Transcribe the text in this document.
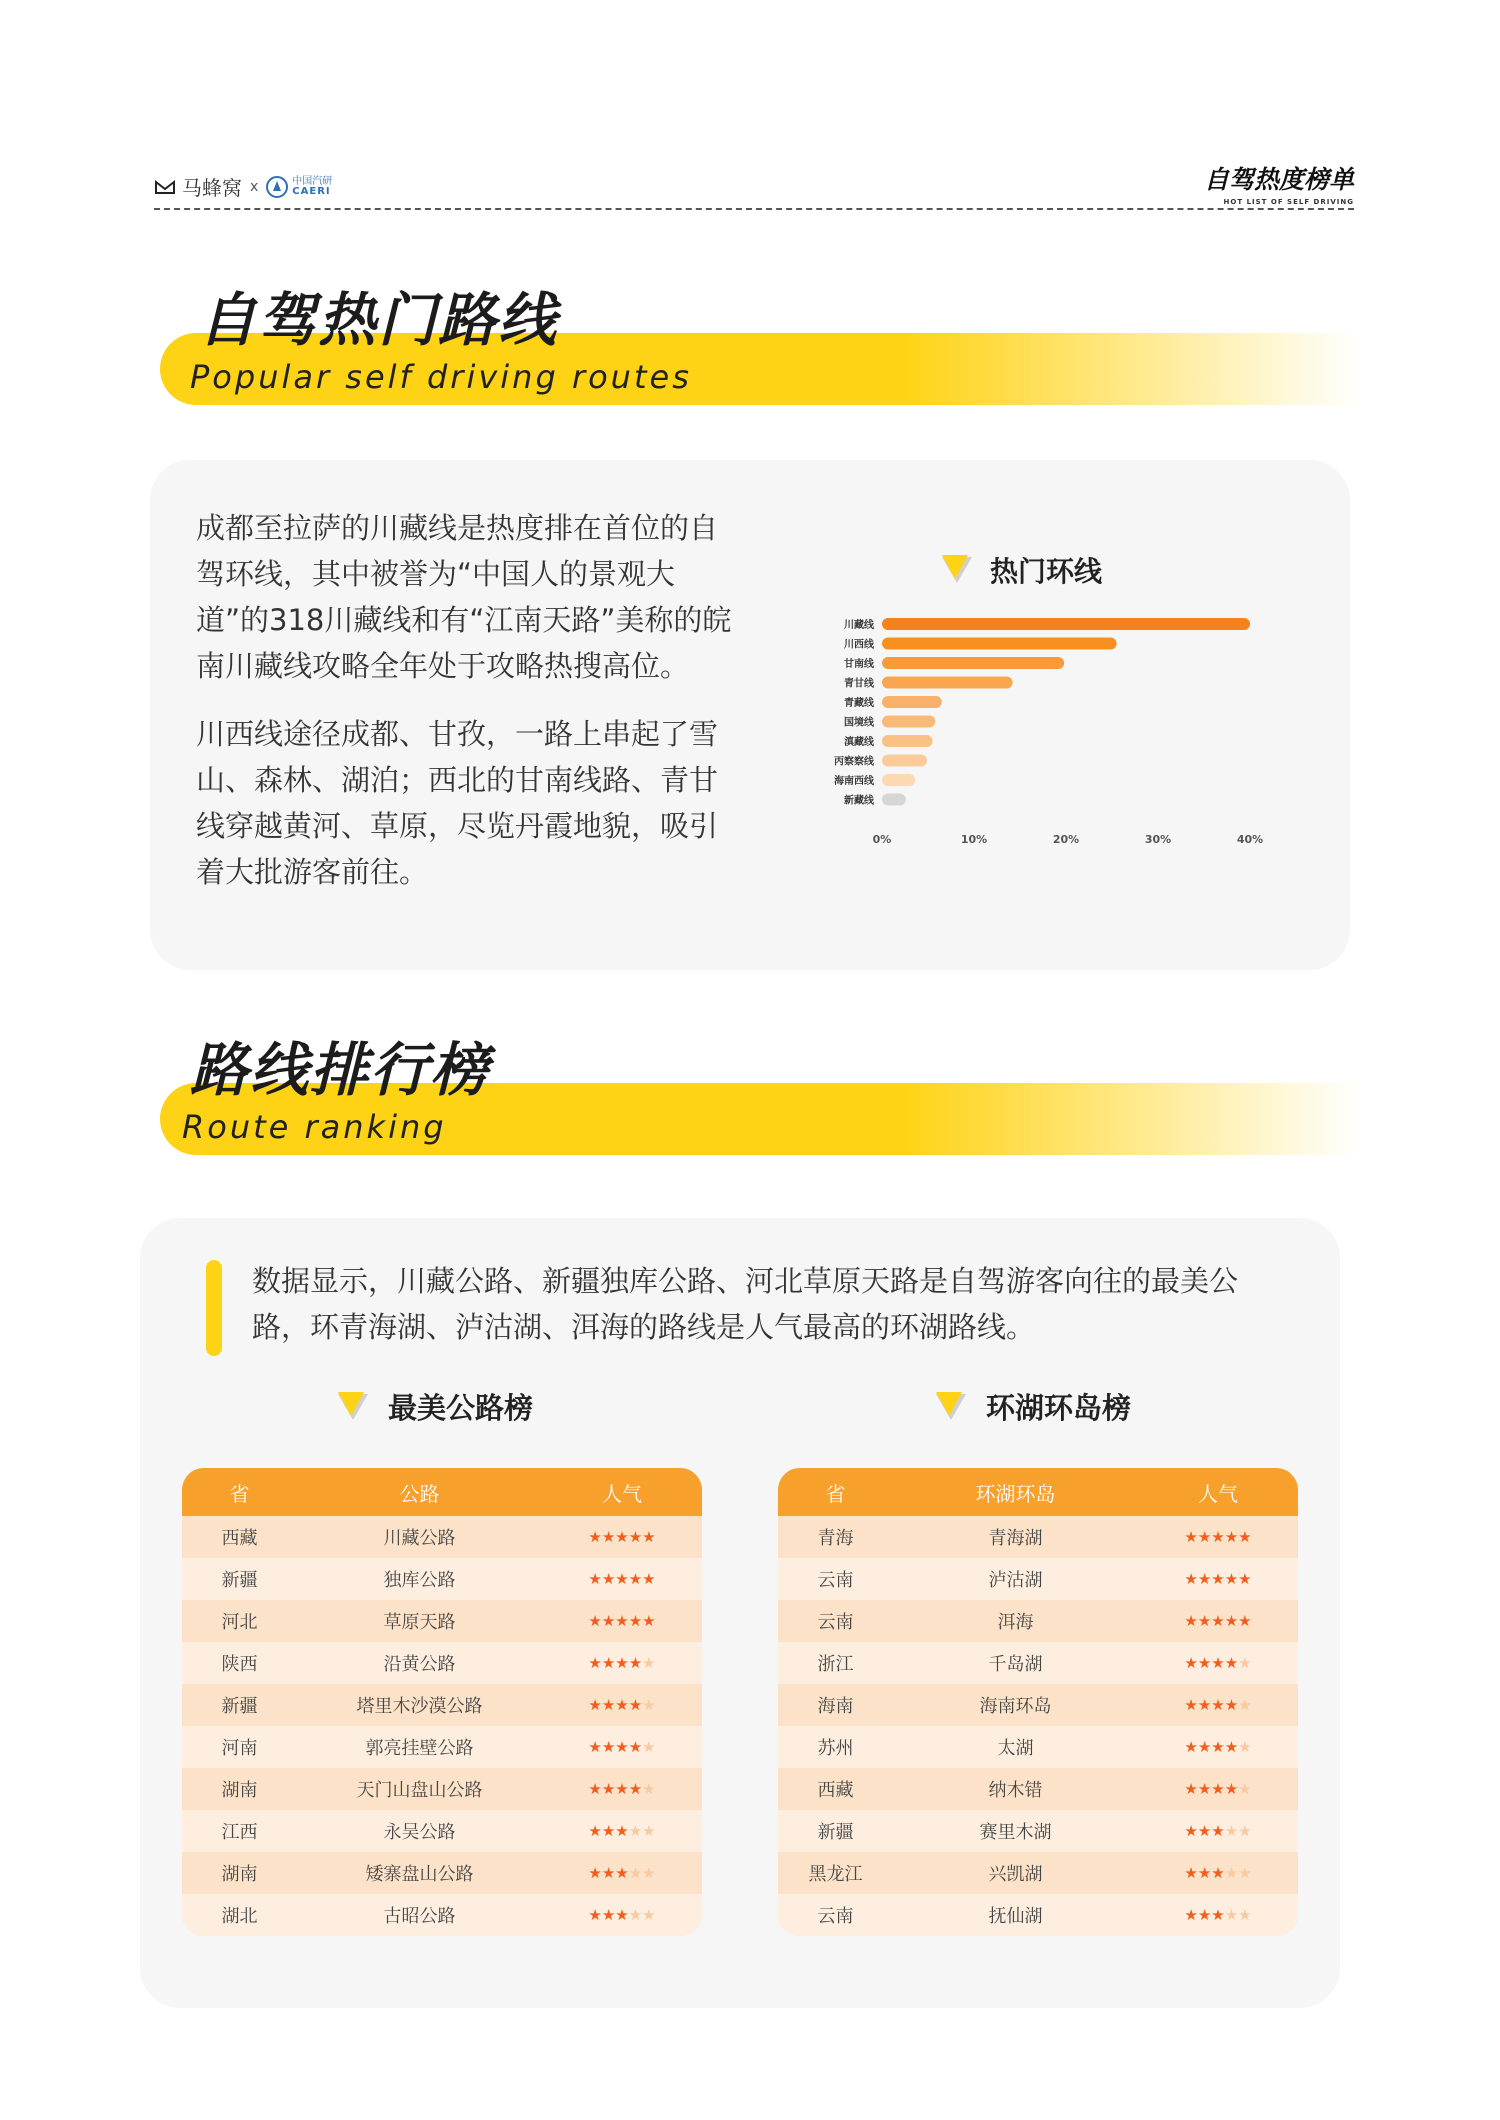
马蜂窝 x	中国汽研
CAERI	自驾热度榜单
HOT LIST OF SELF DRIVING
自驾热门路线
Popular self driving routes

成都至拉萨的川藏线是热度排在首位的自驾环线，其中被誉为“中国人的景观大道”的318川藏线和有“江南天路”美称的皖南川藏线攻略全年处于攻略热搜高位。

川西线途径成都、甘孜，一路上串起了雪山、森林、湖泊；西北的甘南线路、青甘线穿越黄河、草原，尽览丹霞地貌，吸引着大批游客前往。

热门环线
川藏线
川西线
甘南线
青甘线
青藏线
国境线
滇藏线
丙察察线
海南西线
新藏线
0%	10%	20%	30%	40%
路线排行榜
Route ranking
数据显示，川藏公路、新疆独库公路、河北草原天路是自驾游客向往的最美公路，环青海湖、泸沽湖、洱海的路线是人气最高的环湖路线。
最美公路榜	环湖环岛榜
省	公路	人气
西藏	川藏公路	★★★★★
新疆	独库公路	★★★★★
河北	草原天路	★★★★★
陕西	沿黄公路	★★★★★
新疆	塔里木沙漠公路	★★★★★
河南	郭亮挂壁公路	★★★★★
湖南	天门山盘山公路	★★★★★
江西	永吴公路	★★★★★
湖南	矮寨盘山公路	★★★★★
湖北	古昭公路	★★★★★
省	环湖环岛	人气
青海	青海湖	★★★★★
云南	泸沽湖	★★★★★
云南	洱海	★★★★★
浙江	千岛湖	★★★★★
海南	海南环岛	★★★★★
苏州	太湖	★★★★★
西藏	纳木错	★★★★★
新疆	赛里木湖	★★★★★
黑龙江	兴凯湖	★★★★★
云南	抚仙湖	★★★★★
